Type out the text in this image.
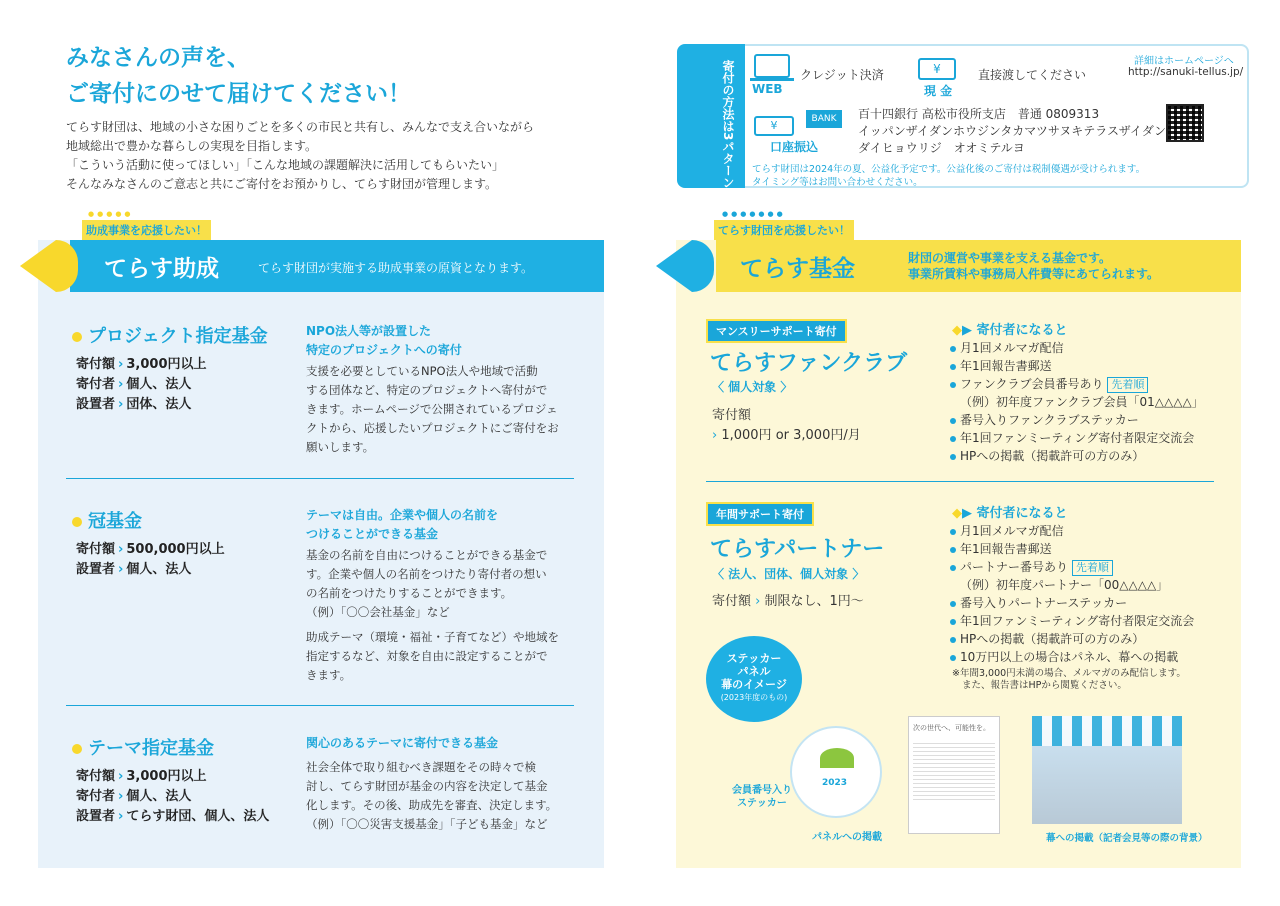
みなさんの声を、
ご寄付にのせて届けてください！
てらす財団は、地域の小さな困りごとを多くの市民と共有し、みんなで支え合いながら
地域総出で豊かな暮らしの実現を目指します。
「こういう活動に使ってほしい」「こんな地域の課題解決に活用してもらいたい」
そんなみなさんのご意志と共にご寄付をお預かりし、てらす財団が管理します。	寄付の方法は3パターン WEB
クレジット決済	¥
現 金
直接渡してください
詳細はホームページへ
http://sanuki-tellus.jp/
¥	BANK
口座振込
百十四銀行 高松市役所支店　普通 0809313
イッパンザイダンホウジンタカマツサヌキテラスザイダン
ダイヒョウリジ　オオミテルヨ
てらす財団は2024年の夏、公益化予定です。公益化後のご寄付は税制優遇が受けられます。
タイミング等はお問い合わせください。
●●●●●
助成事業を応援したい！
てらす助成	てらす財団が実施する助成事業の原資となります。
プロジェクト指定基金
寄付額 › 3,000円以上
寄付者 › 個人、法人
設置者 › 団体、法人
NPO法人等が設置した
特定のプロジェクトへの寄付
支援を必要としているNPO法人や地域で活動
する団体など、特定のプロジェクトへ寄付がで
きます。ホームページで公開されているプロジェ
クトから、応援したいプロジェクトにご寄付をお
願いします。
冠基金
寄付額 › 500,000円以上
設置者 › 個人、法人
テーマは自由。企業や個人の名前を
つけることができる基金
基金の名前を自由につけることができる基金で
す。企業や個人の名前をつけたり寄付者の想い
の名前をつけたりすることができます。
（例）「〇〇会社基金」など
助成テーマ（環境・福祉・子育てなど）や地域を
指定するなど、対象を自由に設定することがで
きます。
テーマ指定基金
寄付額 › 3,000円以上
寄付者 › 個人、法人
設置者 › てらす財団、個人、法人
関心のあるテーマに寄付できる基金
社会全体で取り組むべき課題をその時々で検
討し、てらす財団が基金の内容を決定して基金
化します。その後、助成先を審査、決定します。
（例）「〇〇災害支援基金」「子ども基金」など
●●●●●●●
てらす財団を応援したい！
てらす基金	財団の運営や事業を支える基金です。
事業所賃料や事務局人件費等にあてられます。
マンスリーサポート寄付
てらすファンクラブ
〈 個人対象 〉
寄付額
› 1,000円 or 3,000円/月
◆▶ 寄付者になると
月1回メルマガ配信
年1回報告書郵送
ファンクラブ会員番号あり 先着順
（例）初年度ファンクラブ会員「01△△△△」
番号入りファンクラブステッカー
年1回ファンミーティング寄付者限定交流会
HPへの掲載（掲載許可の方のみ）
年間サポート寄付
てらすパートナー
〈 法人、団体、個人対象 〉
寄付額 › 制限なし、1円〜
◆▶ 寄付者になると
月1回メルマガ配信
年1回報告書郵送
パートナー番号あり 先着順
（例）初年度パートナー「00△△△△」
番号入りパートナーステッカー
年1回ファンミーティング寄付者限定交流会
HPへの掲載（掲載許可の方のみ）
10万円以上の場合はパネル、幕への掲載
※年間3,000円未満の場合、メルマガのみ配信します。
また、報告書はHPから閲覧ください。
ステッカー
パネル
幕のイメージ
(2023年度のもの)
2023
会員番号入り
ステッカー
次の世代へ、可能性を。
パネルへの掲載	幕への掲載（記者会見等の際の背景）
